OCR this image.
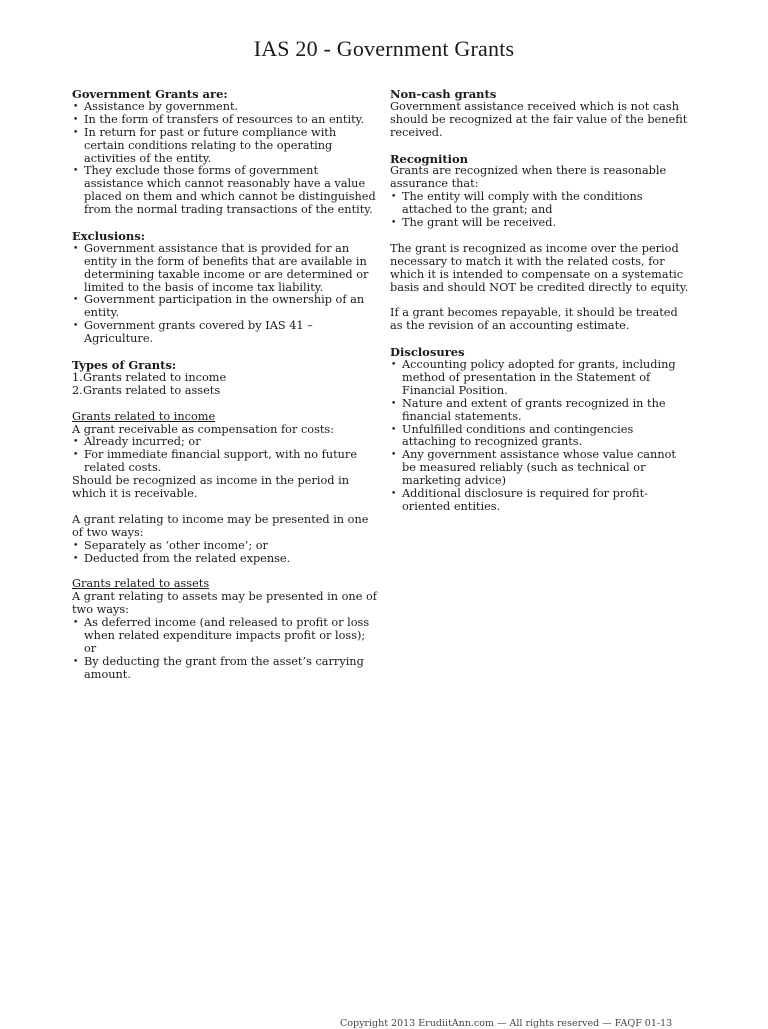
IAS 20 - Government Grants
Government Grants are:
• Assistance by government.
• In the form of transfers of resources to an entity.
• In return for past or future compliance with certain conditions relating to the operating activities of the entity.
• They exclude those forms of government assistance which cannot reasonably have a value placed on them and which cannot be distinguished from the normal trading transactions of the entity.
Exclusions:
• Government assistance that is provided for an entity in the form of benefits that are available in determining taxable income or are determined or limited to the basis of income tax liability.
• Government participation in the ownership of an entity.
• Government grants covered by IAS 41 – Agriculture.
Types of Grants:
1. Grants related to income
2. Grants related to assets
Grants related to income

A grant receivable as compensation for costs:

• Already incurred; or
• For immediate financial support, with no future related costs.

Should be recognized as income in the period in which it is receivable.

A grant relating to income may be presented in one of two ways:

• Separately as ‘other income’; or
• Deducted from the related expense.
Grants related to assets

A grant relating to assets may be presented in one of two ways:

• As deferred income (and released to profit or loss when related expenditure impacts profit or loss); or
• By deducting the grant from the asset’s carrying amount.
Non-cash grants

Government assistance received which is not cash should be recognized at the fair value of the benefit received.

Recognition

Grants are recognized when there is reasonable assurance that:

• The entity will comply with the conditions attached to the grant; and
• The grant will be received.

The grant is recognized as income over the period necessary to match it with the related costs, for which it is intended to compensate on a systematic basis and should NOT be credited directly to equity.

If a grant becomes repayable, it should be treated as the revision of an accounting estimate.

Disclosures
• Accounting policy adopted for grants, including method of presentation in the Statement of Financial Position.
• Nature and extent of grants recognized in the financial statements.
• Unfulfilled conditions and contingencies attaching to recognized grants.
• Any government assistance whose value cannot be measured reliably (such as technical or marketing advice)
• Additional disclosure is required for profit-oriented entities.
Copyright 2013 ErudiitAnn.com — All rights reserved — FAQF 01-13
